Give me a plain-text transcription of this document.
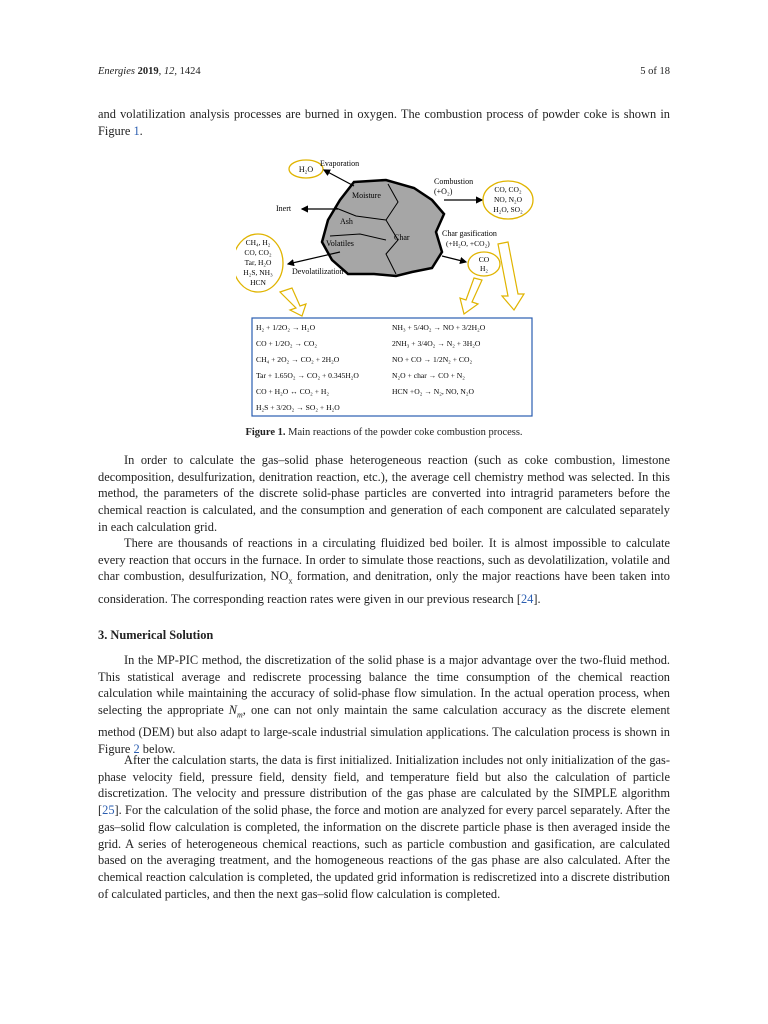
Energies 2019, 12, 1424	5 of 18
and volatilization analysis processes are burned in oxygen. The combustion process of powder coke is shown in Figure 1.
H₂O
Evaporation
Moisture
Ash
Char
Volatiles
Inert
Combustion
(+O₂)	CO, CO₂
NO, N₂O
H₂O, SO₂
Char gasification
(+H₂O, +CO₂)
CO
H₂
CH₄, H₂
CO, CO₂
Tar, H₂O
H₂S, NH₃
HCN
Devolatilization
H₂ + 1/2O₂ → H₂O
CO + 1/2O₂ → CO₂
CH₄ + 2O₂ → CO₂ + 2H₂O
Tar + 1.65O₂ → CO₂ + 0.345H₂O
CO + H₂O ↔ CO₂ + H₂
H₂S + 3/2O₂ → SO₂ + H₂O
NH₃ + 5/4O₂ → NO + 3/2H₂O
2NH₃ + 3/4O₂ → N₂ + 3H₂O
NO + CO → 1/2N₂ + CO₂
N₂O + char → CO + N₂
HCN +O₂ → N₂, NO, N₂O
Figure 1. Main reactions of the powder coke combustion process.
In order to calculate the gas–solid phase heterogeneous reaction (such as coke combustion, limestone decomposition, desulfurization, denitration reaction, etc.), the average cell chemistry method was selected. In this method, the parameters of the discrete solid-phase particles are converted into intragrid parameters before the chemical reaction is calculated, and the consumption and generation of each component are calculated separately in each calculation grid.
There are thousands of reactions in a circulating fluidized bed boiler. It is almost impossible to calculate every reaction that occurs in the furnace. In order to simulate those reactions, such as devolatilization, volatile and char combustion, desulfurization, $NO_x$ formation, and denitration, only the major reactions have been taken into consideration. The corresponding reaction rates were given in our previous research [24].
3. Numerical Solution
In the MP-PIC method, the discretization of the solid phase is a major advantage over the two-fluid method. This statistical average and rediscrete processing balance the time consumption of the chemical reaction calculation while maintaining the accuracy of solid-phase flow simulation. In the actual operation process, when selecting the appropriate $N_m$, one can not only maintain the same calculation accuracy as the discrete element method (DEM) but also adapt to large-scale industrial simulation applications. The calculation process is shown in Figure 2 below.
After the calculation starts, the data is first initialized. Initialization includes not only initialization of the gas-phase velocity field, pressure field, density field, and temperature field but also the calculation of particle discretization. The velocity and pressure distribution of the gas phase are calculated by the SIMPLE algorithm [25]. For the calculation of the solid phase, the force and motion are analyzed for every parcel separately. After the gas–solid flow calculation is completed, the information on the discrete particle phase is then averaged inside the grid. A series of heterogeneous chemical reactions, such as particle combustion and gasification, are calculated based on the averaging treatment, and the homogeneous reactions of the gas phase are also calculated. After the chemical reaction calculation is completed, the updated grid information is rediscretized into a discrete distribution of calculated particles, and then the next gas–solid flow calculation is completed.
